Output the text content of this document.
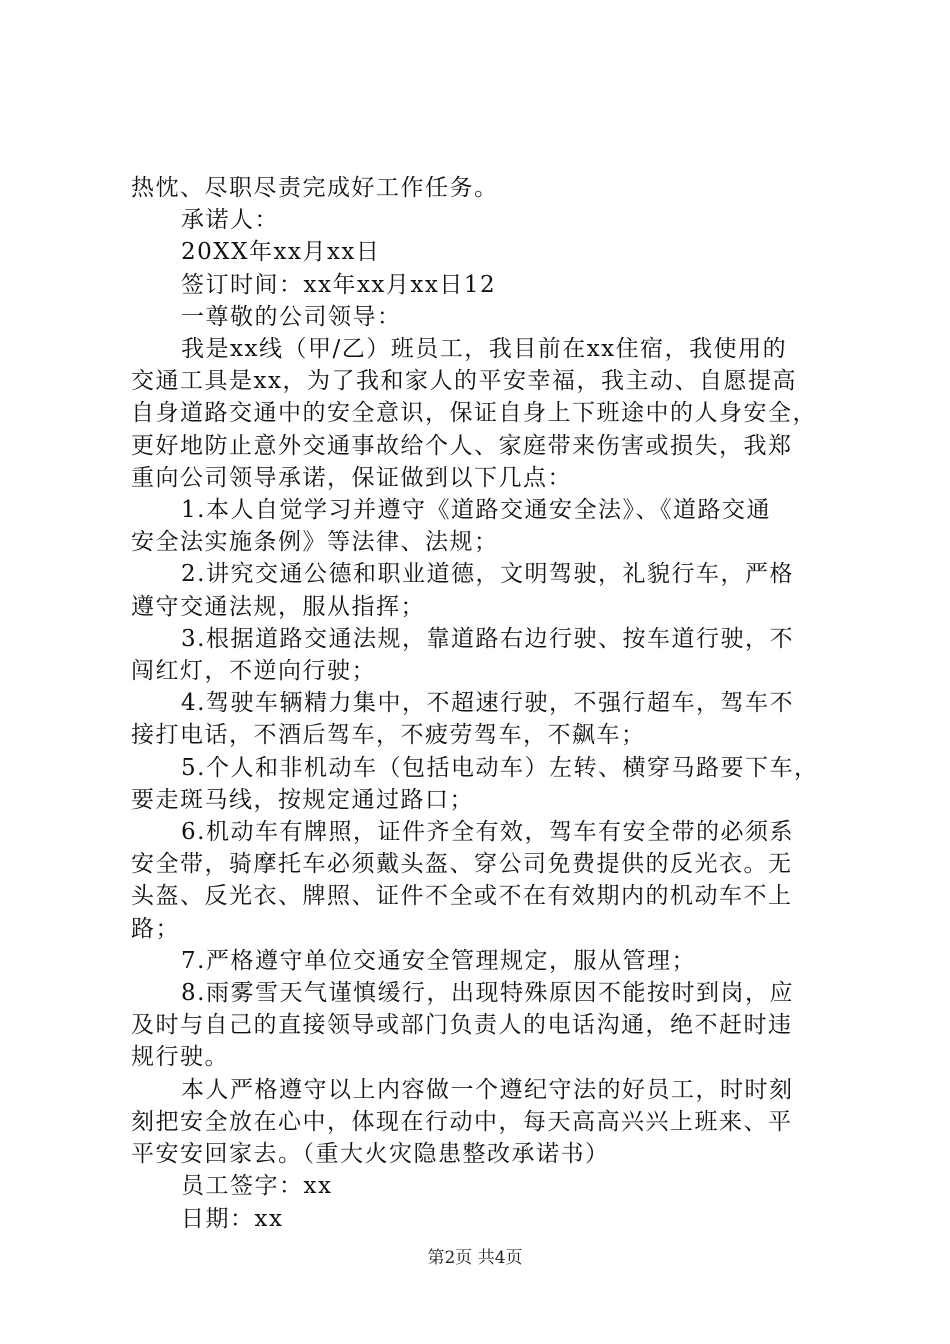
热忱、尽职尽责完成好工作任务。
承诺人：
20XX年xx月xx日
签订时间：xx年xx月xx日12
一尊敬的公司领导：
我是xx线（甲/乙）班员工，我目前在xx住宿，我使用的
交通工具是xx，为了我和家人的平安幸福，我主动、自愿提高
自身道路交通中的安全意识，保证自身上下班途中的人身安全，
更好地防止意外交通事故给个人、家庭带来伤害或损失，我郑
重向公司领导承诺，保证做到以下几点：
1.本人自觉学习并遵守《道路交通安全法》、《道路交通
安全法实施条例》等法律、法规；
2.讲究交通公德和职业道德，文明驾驶，礼貌行车，严格
遵守交通法规，服从指挥；
3.根据道路交通法规，靠道路右边行驶、按车道行驶，不
闯红灯，不逆向行驶；
4.驾驶车辆精力集中，不超速行驶，不强行超车，驾车不
接打电话，不酒后驾车，不疲劳驾车，不飙车；
5.个人和非机动车（包括电动车）左转、横穿马路要下车，
要走斑马线，按规定通过路口；
6.机动车有牌照，证件齐全有效，驾车有安全带的必须系
安全带，骑摩托车必须戴头盔、穿公司免费提供的反光衣。无
头盔、反光衣、牌照、证件不全或不在有效期内的机动车不上
路；
7.严格遵守单位交通安全管理规定，服从管理；
8.雨雾雪天气谨慎缓行，出现特殊原因不能按时到岗，应
及时与自己的直接领导或部门负责人的电话沟通，绝不赶时违
规行驶。
本人严格遵守以上内容做一个遵纪守法的好员工，时时刻
刻把安全放在心中，体现在行动中，每天高高兴兴上班来、平
平安安回家去。（重大火灾隐患整改承诺书）
员工签字：xx
日期：xx
第2页 共4页
